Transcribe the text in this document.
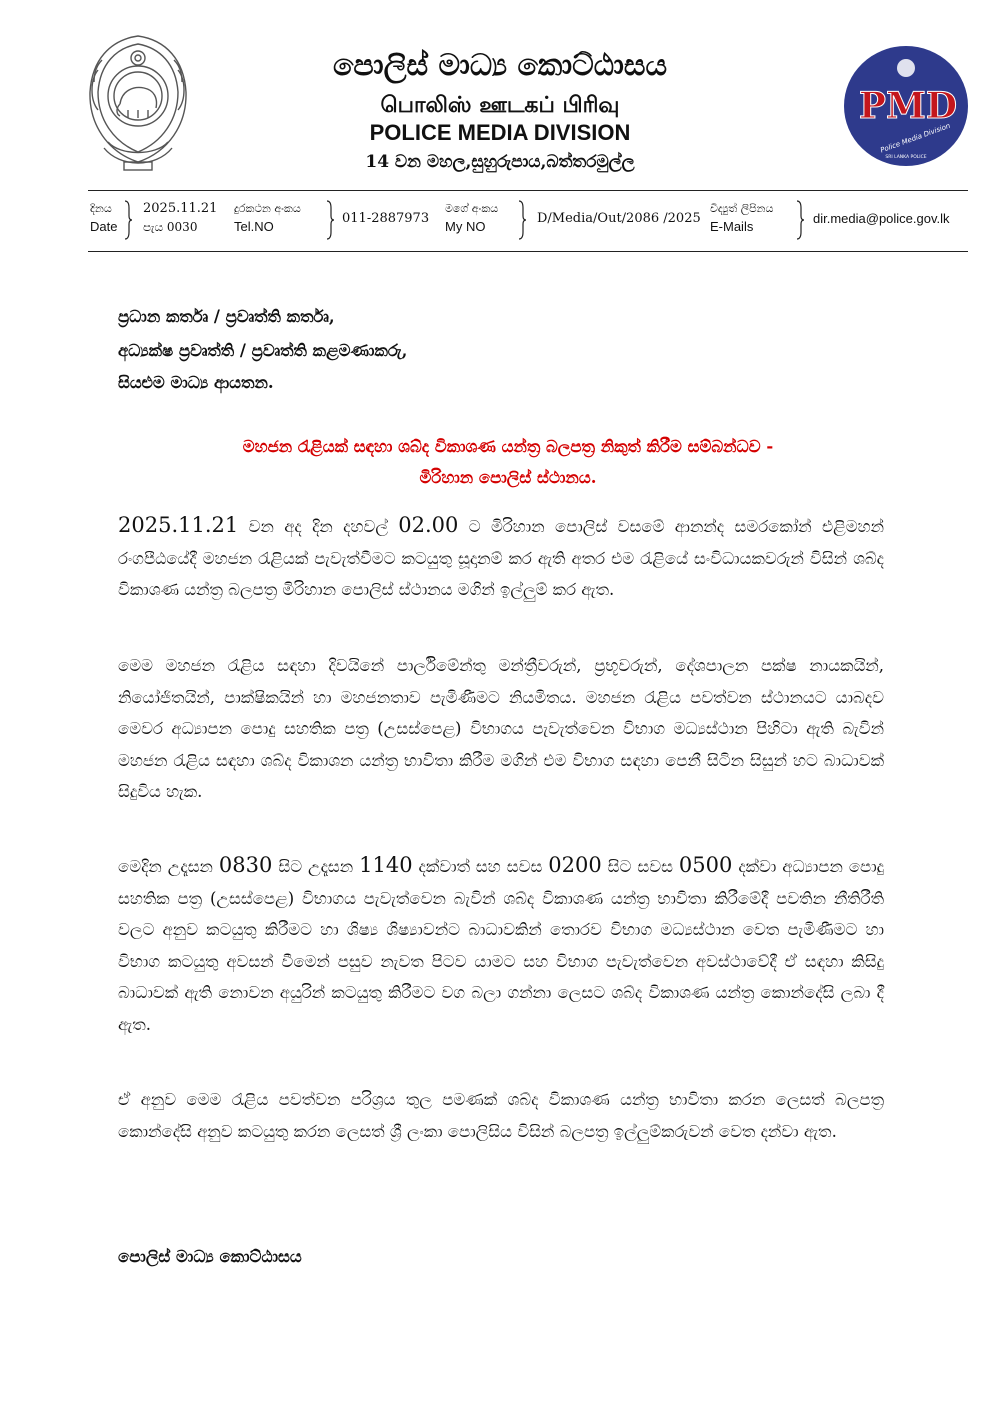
PMD
Police Media Division
SRI LANKA POLICE

පොලිස් මාධ්‍ය කොට්ඨාසය

பொலிஸ் ஊடகப் பிரிவு

POLICE MEDIA DIVISION

14 වන මහල,සුහුරුපාය,බත්තරමුල්ල

දිනය
Date
2025.11.21
පැය 0030
දුරකථන අංකය
Tel.NO
011-2887973
මගේ අංකය
My NO
D/Media/Out/2086 /2025
විද්‍යුත් ලිපිනය
E-Mails
dir.media@police.gov.lk

ප්‍රධාන කර්තෘ / ප්‍රවෘත්ති කර්තෘ,

අධ්‍යක්ෂ ප්‍රවෘත්ති / ප්‍රවෘත්ති කළමණාකරු,

සියළුම මාධ්‍ය ආයතන.

මහජන රැළියක් සඳහා ශබ්ද විකාශණ යන්ත්‍ර බලපත්‍ර නිකුත් කිරීම සම්බන්ධව -

මිරිහාන පොලිස් ස්ථානය.

2025.11.21 වන අද දින දහවල් 02.00 ට මිරිහාන පොලිස් වසමේ ආනන්ද සමරකෝන් එළිමහන් රංගපීඨයේදී මහජන රැළියක් පැවැත්වීමට කටයුතු සූදානම් කර ඇති අතර එම රැළියේ සංවිධායකවරුන් විසින් ශබ්ද විකාශණ යන්ත්‍ර බලපත්‍ර මිරිහාන පොලිස් ස්ථානය මගින් ඉල්ලුම් කර ඇත.

මෙම මහජන රැළිය සඳහා දිවයිනේ පාර්ලිමේන්තු මන්ත්‍රීවරුන්, ප්‍රභූවරුන්, දේශපාලන පක්ෂ නායකයින්, නියෝජිතයින්, පාක්ෂිකයින් හා මහජනතාව පැමිණීමට නියමිතය. මහජන රැළිය පවත්වන ස්ථානයට යාබදව මෙවර අධ්‍යාපන පොදු සහතික පත්‍ර (උසස්පෙළ) විභාගය පැවැත්වෙන විභාග මධ්‍යස්ථාන පිහිටා ඇති බැවින් මහජන රැළිය සඳහා ශබ්ද විකාශන යන්ත්‍ර භාවිතා කිරීම මගින් එම විභාග සඳහා පෙනී සිටින සිසුන් හට බාධාවක් සිදුවිය හැක.

මෙදින උදෑසන 0830 සිට උදෑසන 1140 දක්වාත් සහ සවස 0200 සිට සවස 0500 දක්වා අධ්‍යාපන පොදු සහතික පත්‍ර (උසස්පෙළ) විභාගය පැවැත්වෙන බැවින් ශබ්ද විකාශණ යන්ත්‍ර භාවිතා කිරීමේදී පවතින නීතිරීති වලට අනුව කටයුතු කිරීමට හා ශිෂ්‍ය ශිෂ්‍යාවන්ට බාධාවකින් තොරව විභාග මධ්‍යස්ථාන වෙත පැමිණීමට හා විභාග කටයුතු අවසන් වීමෙන් පසුව නැවත පිටව යාමට සහ විභාග පැවැත්වෙන අවස්ථාවේදී ඒ සඳහා කිසිදු බාධාවක් ඇති නොවන අයුරින් කටයුතු කිරීමට වග බලා ගන්නා ලෙසට ශබ්ද විකාශණ යන්ත්‍ර කොන්දේසි ලබා දී ඇත.

ඒ අනුව මෙම රැළිය පවත්වන පරිශ්‍රය තුල පමණක් ශබ්ද විකාශණ යන්ත්‍ර භාවිතා කරන ලෙසත් බලපත්‍ර කොන්දේසි අනුව කටයුතු කරන ලෙසත් ශ්‍රී ලංකා පොලිසිය විසින් බලපත්‍ර ඉල්ලුම්කරුවන් වෙත දන්වා ඇත.

පොලිස් මාධ්‍ය කොට්ඨාසය
